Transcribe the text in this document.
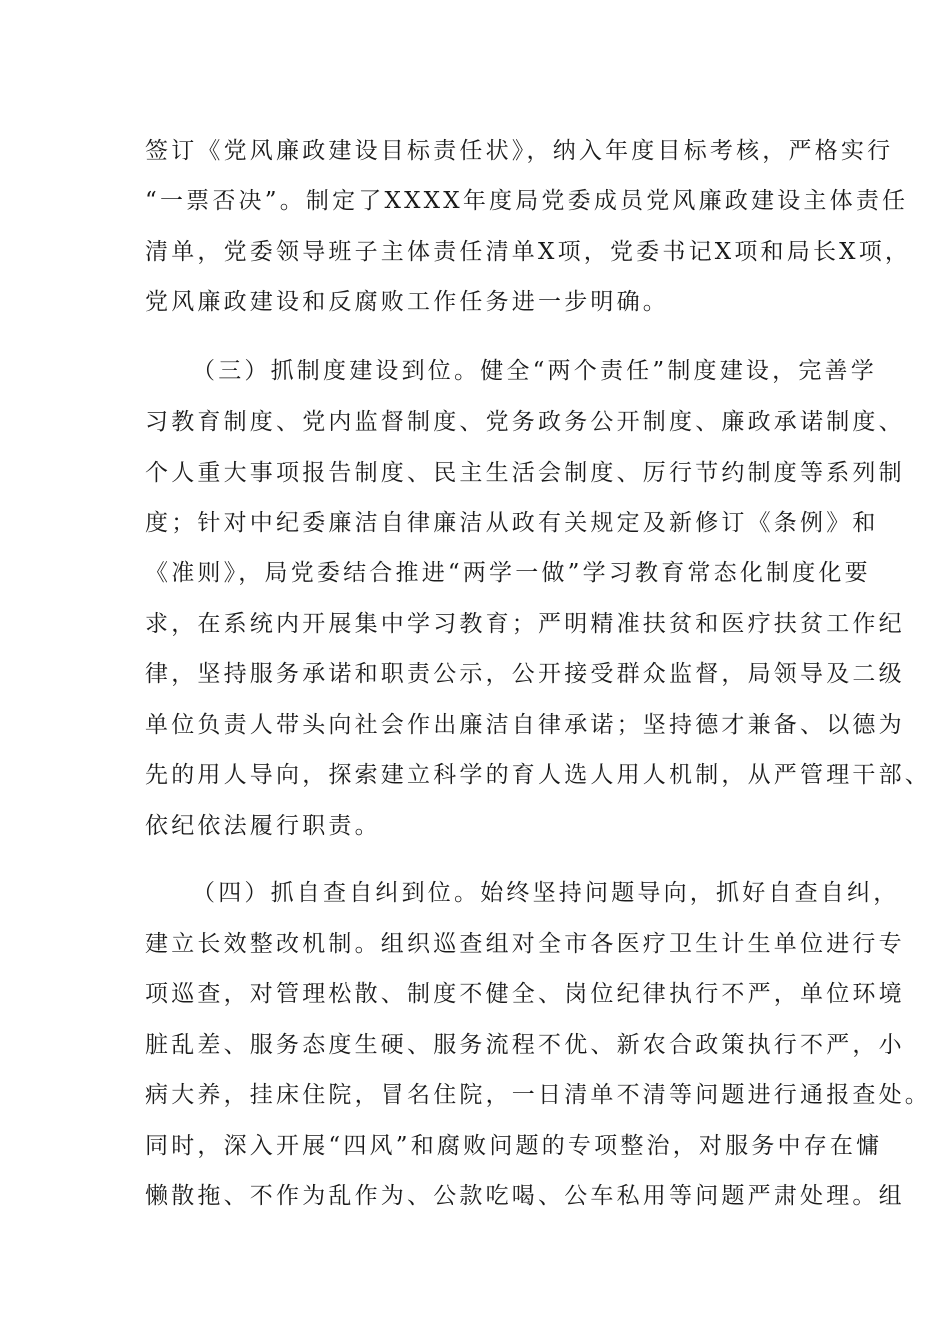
签订《党风廉政建设目标责任状》，纳入年度目标考核，严格实行
“一票否决”。制定了XXXX年度局党委成员党风廉政建设主体责任
清单，党委领导班子主体责任清单X项，党委书记X项和局长X项，
党风廉政建设和反腐败工作任务进一步明确。
（三）抓制度建设到位。健全“两个责任”制度建设，完善学
习教育制度、党内监督制度、党务政务公开制度、廉政承诺制度、
个人重大事项报告制度、民主生活会制度、厉行节约制度等系列制
度；针对中纪委廉洁自律廉洁从政有关规定及新修订《条例》和
《准则》，局党委结合推进“两学一做”学习教育常态化制度化要
求，在系统内开展集中学习教育；严明精准扶贫和医疗扶贫工作纪
律，坚持服务承诺和职责公示，公开接受群众监督，局领导及二级
单位负责人带头向社会作出廉洁自律承诺；坚持德才兼备、以德为
先的用人导向，探索建立科学的育人选人用人机制，从严管理干部、
依纪依法履行职责。
（四）抓自查自纠到位。始终坚持问题导向，抓好自查自纠，
建立长效整改机制。组织巡查组对全市各医疗卫生计生单位进行专
项巡查，对管理松散、制度不健全、岗位纪律执行不严，单位环境
脏乱差、服务态度生硬、服务流程不优、新农合政策执行不严，小
病大养，挂床住院，冒名住院，一日清单不清等问题进行通报查处。
同时，深入开展“四风”和腐败问题的专项整治，对服务中存在慵
懒散拖、不作为乱作为、公款吃喝、公车私用等问题严肃处理。组
